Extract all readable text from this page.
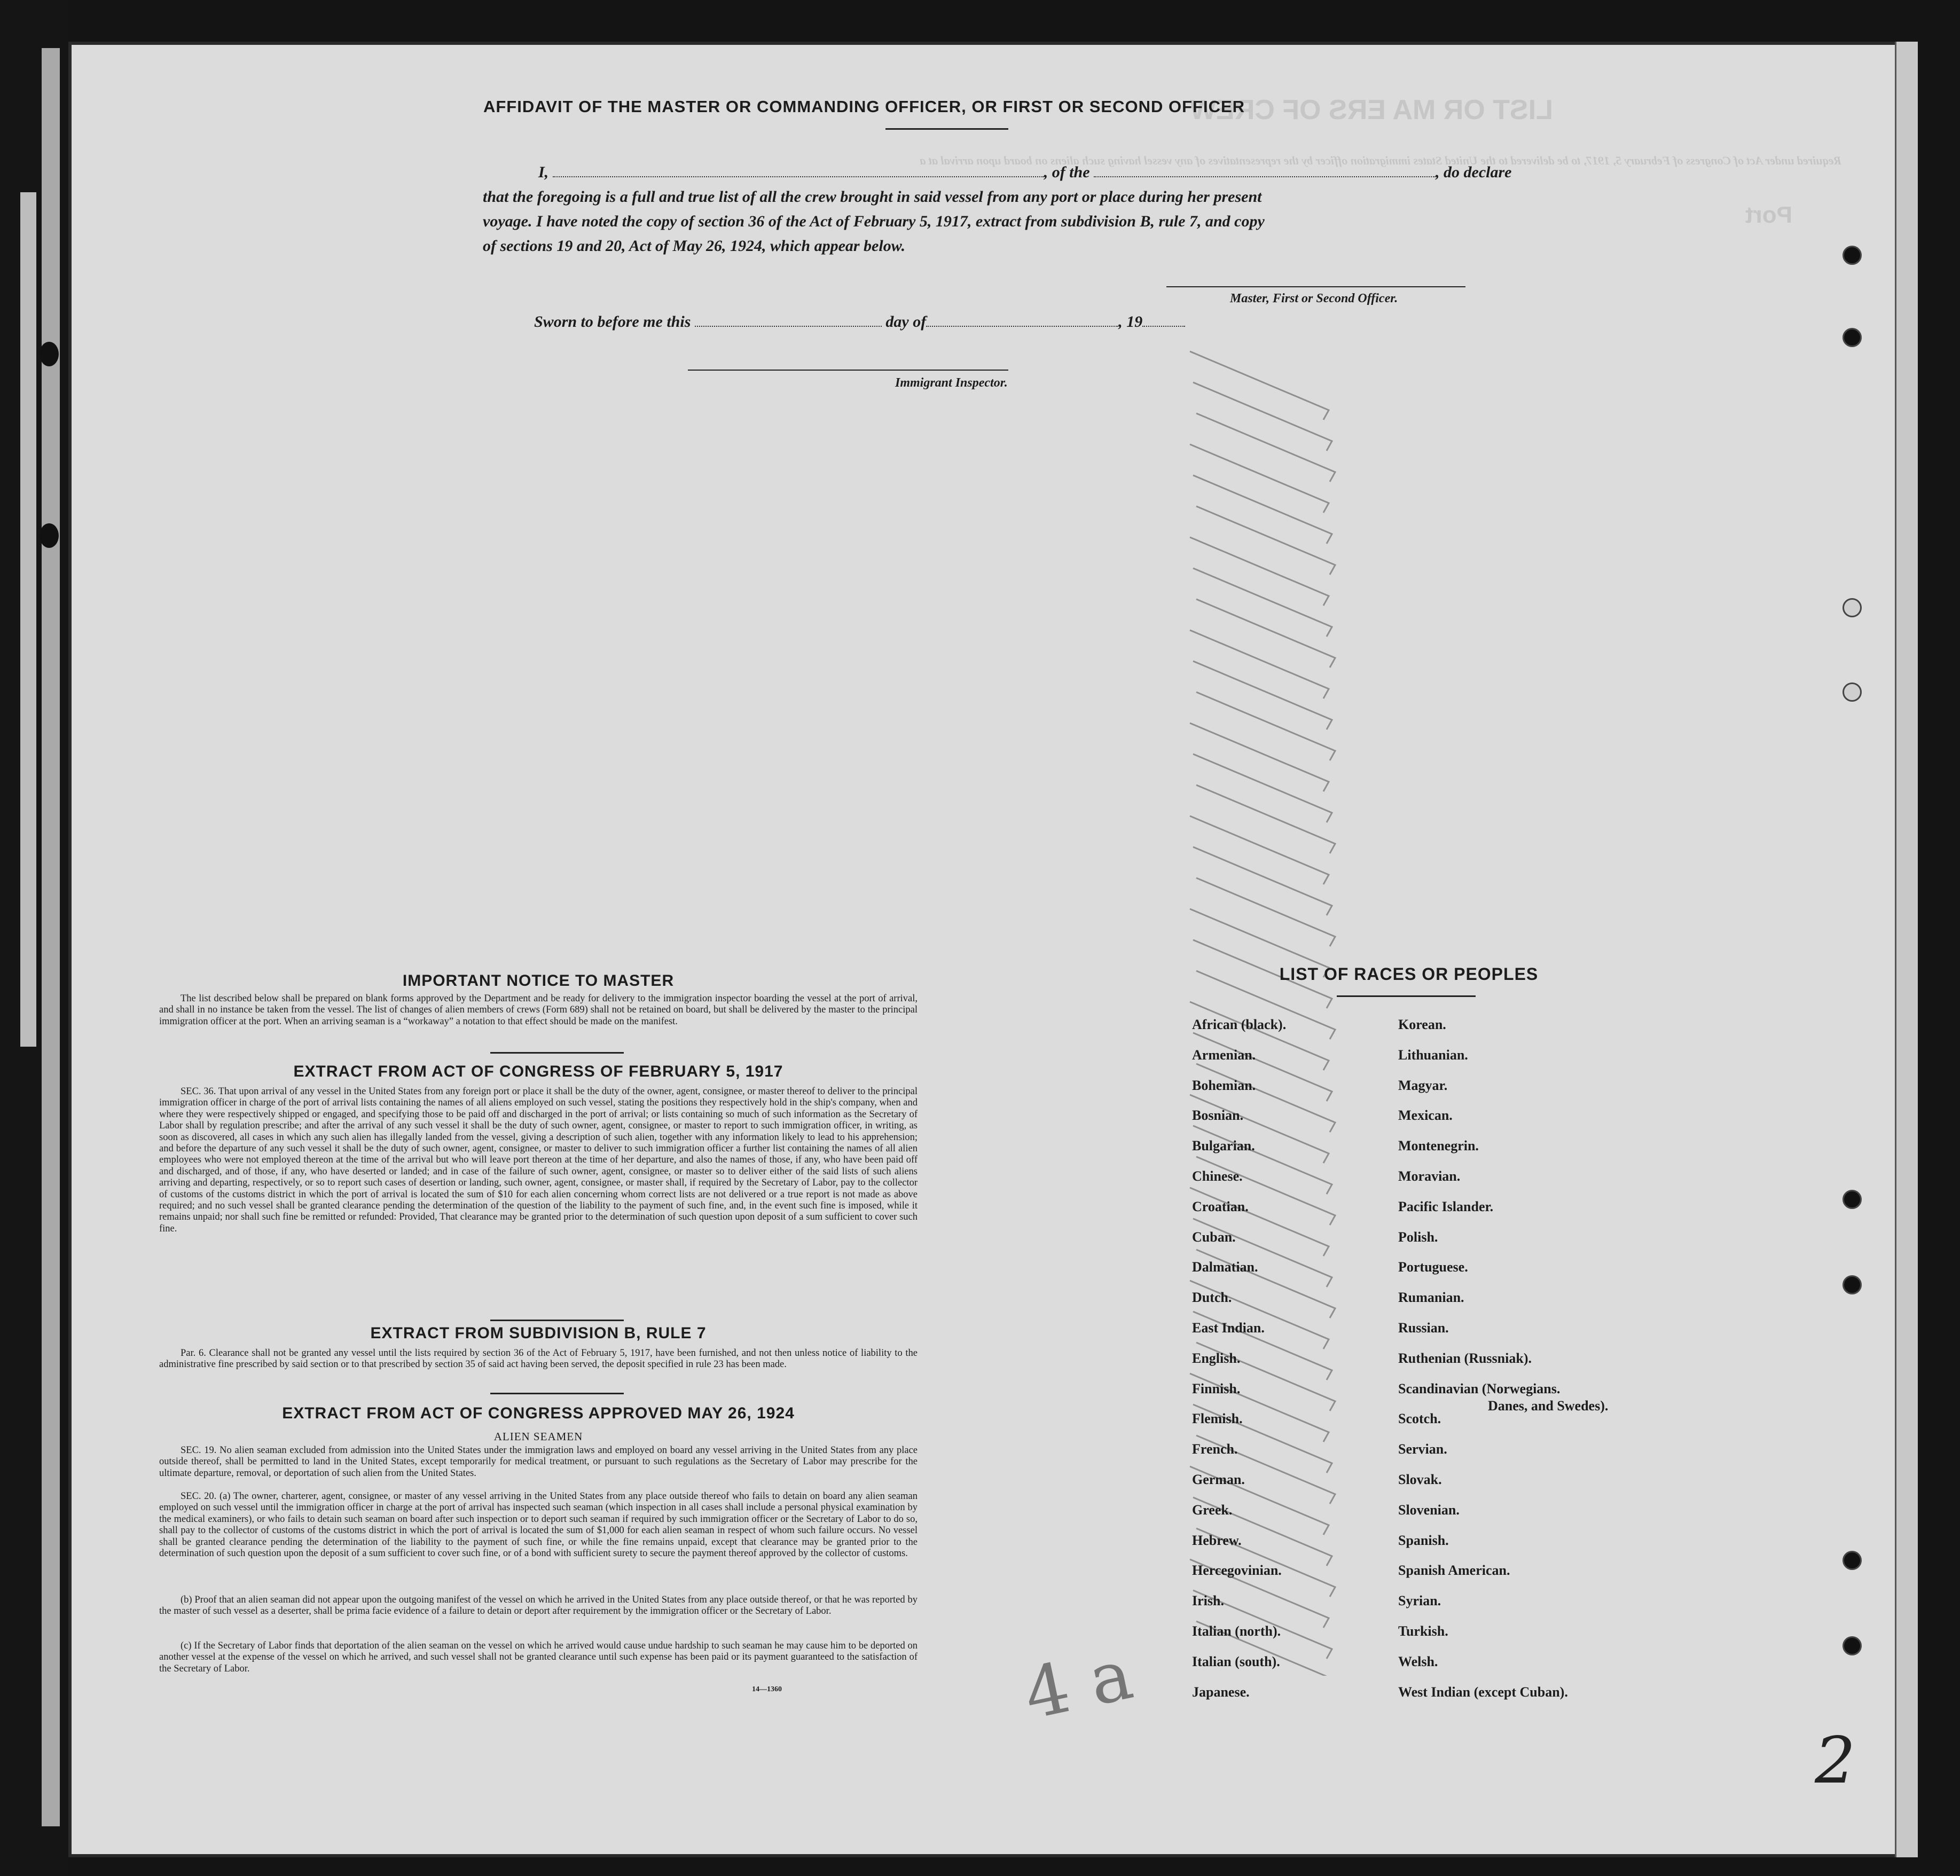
LIST OR MA ERS OF CREW
Required under Act of Congress of February 5, 1917, to be delivered to the United States immigration officer by the representatives of any vessel having such aliens on board upon arrival at a
Port
AFFIDAVIT OF THE MASTER OR COMMANDING OFFICER, OR FIRST OR SECOND OFFICER
I,	, of the	, do declare
that the foregoing is a full and true list of all the crew brought in said vessel from any port or place during her present
voyage. I have noted the copy of section 36 of the Act of February 5, 1917, extract from subdivision B, rule 7, and copy
of sections 19 and 20, Act of May 26, 1924, which appear below.
Master, First or Second Officer.
Sworn to before me this	day of	, 19
Immigrant Inspector.
IMPORTANT NOTICE TO MASTER
The list described below shall be prepared on blank forms approved by the Department and be ready for delivery to the immigration inspector boarding the vessel at the port of arrival, and shall in no instance be taken from the vessel. The list of changes of alien members of crews (Form 689) shall not be retained on board, but shall be delivered by the master to the principal immigration officer at the port. When an arriving seaman is a “workaway” a notation to that effect should be made on the manifest.
EXTRACT FROM ACT OF CONGRESS OF FEBRUARY 5, 1917
SEC. 36. That upon arrival of any vessel in the United States from any foreign port or place it shall be the duty of the owner, agent, consignee, or master thereof to deliver to the principal immigration officer in charge of the port of arrival lists containing the names of all aliens employed on such vessel, stating the positions they respectively hold in the ship's company, when and where they were respectively shipped or engaged, and specifying those to be paid off and discharged in the port of arrival; or lists containing so much of such information as the Secretary of Labor shall by regulation prescribe; and after the arrival of any such vessel it shall be the duty of such owner, agent, consignee, or master to report to such immigration officer, in writing, as soon as discovered, all cases in which any such alien has illegally landed from the vessel, giving a description of such alien, together with any information likely to lead to his apprehension; and before the departure of any such vessel it shall be the duty of such owner, agent, consignee, or master to deliver to such immigration officer a further list containing the names of all alien employees who were not employed thereon at the time of the arrival but who will leave port thereon at the time of her departure, and also the names of those, if any, who have been paid off and discharged, and of those, if any, who have deserted or landed; and in case of the failure of such owner, agent, consignee, or master so to deliver either of the said lists of such aliens arriving and departing, respectively, or so to report such cases of desertion or landing, such owner, agent, consignee, or master shall, if required by the Secretary of Labor, pay to the collector of customs of the customs district in which the port of arrival is located the sum of $10 for each alien concerning whom correct lists are not delivered or a true report is not made as above required; and no such vessel shall be granted clearance pending the determination of the question of the liability to the payment of such fine, and, in the event such fine is imposed, while it remains unpaid; nor shall such fine be remitted or refunded: Provided, That clearance may be granted prior to the determination of such question upon deposit of a sum sufficient to cover such fine.
EXTRACT FROM SUBDIVISION B, RULE 7
Par. 6. Clearance shall not be granted any vessel until the lists required by section 36 of the Act of February 5, 1917, have been furnished, and not then unless notice of liability to the administrative fine prescribed by said section or to that prescribed by section 35 of said act having been served, the deposit specified in rule 23 has been made.
EXTRACT FROM ACT OF CONGRESS APPROVED MAY 26, 1924
ALIEN SEAMEN
SEC. 19. No alien seaman excluded from admission into the United States under the immigration laws and employed on board any vessel arriving in the United States from any place outside thereof, shall be permitted to land in the United States, except temporarily for medical treatment, or pursuant to such regulations as the Secretary of Labor may prescribe for the ultimate departure, removal, or deportation of such alien from the United States.
SEC. 20. (a) The owner, charterer, agent, consignee, or master of any vessel arriving in the United States from any place outside thereof who fails to detain on board any alien seaman employed on such vessel until the immigration officer in charge at the port of arrival has inspected such seaman (which inspection in all cases shall include a personal physical examination by the medical examiners), or who fails to detain such seaman on board after such inspection or to deport such seaman if required by such immigration officer or the Secretary of Labor to do so, shall pay to the collector of customs of the customs district in which the port of arrival is located the sum of $1,000 for each alien seaman in respect of whom such failure occurs. No vessel shall be granted clearance pending the determination of the liability to the payment of such fine, or while the fine remains unpaid, except that clearance may be granted prior to the determination of such question upon the deposit of a sum sufficient to cover such fine, or of a bond with sufficient surety to secure the payment thereof approved by the collector of customs.
(b) Proof that an alien seaman did not appear upon the outgoing manifest of the vessel on which he arrived in the United States from any place outside thereof, or that he was reported by the master of such vessel as a deserter, shall be prima facie evidence of a failure to detain or deport after requirement by the immigration officer or the Secretary of Labor.
(c) If the Secretary of Labor finds that deportation of the alien seaman on the vessel on which he arrived would cause undue hardship to such seaman he may cause him to be deported on another vessel at the expense of the vessel on which he arrived, and such vessel shall not be granted clearance until such expense has been paid or its payment guaranteed to the satisfaction of the Secretary of Labor.
14—1360
LIST OF RACES OR PEOPLES
African (black).
Armenian.
Bohemian.
Bosnian.
Bulgarian.
Chinese.
Croatian.
Cuban.
Dalmatian.
Dutch.
East Indian.
English.
Finnish.
Flemish.
French.
German.
Greek.
Hebrew.
Hercegovinian.
Irish.
Italian (north).
Italian (south).
Japanese.
Korean.
Lithuanian.
Magyar.
Mexican.
Montenegrin.
Moravian.
Pacific Islander.
Polish.
Portuguese.
Rumanian.
Russian.
Ruthenian (Russniak).
Scandinavian (Norwegians.
Scotch.
Servian.
Slovak.
Slovenian.
Spanish.
Spanish American.
Syrian.
Turkish.
Welsh.
West Indian (except Cuban).
Danes, and Swedes).
4 a
2
